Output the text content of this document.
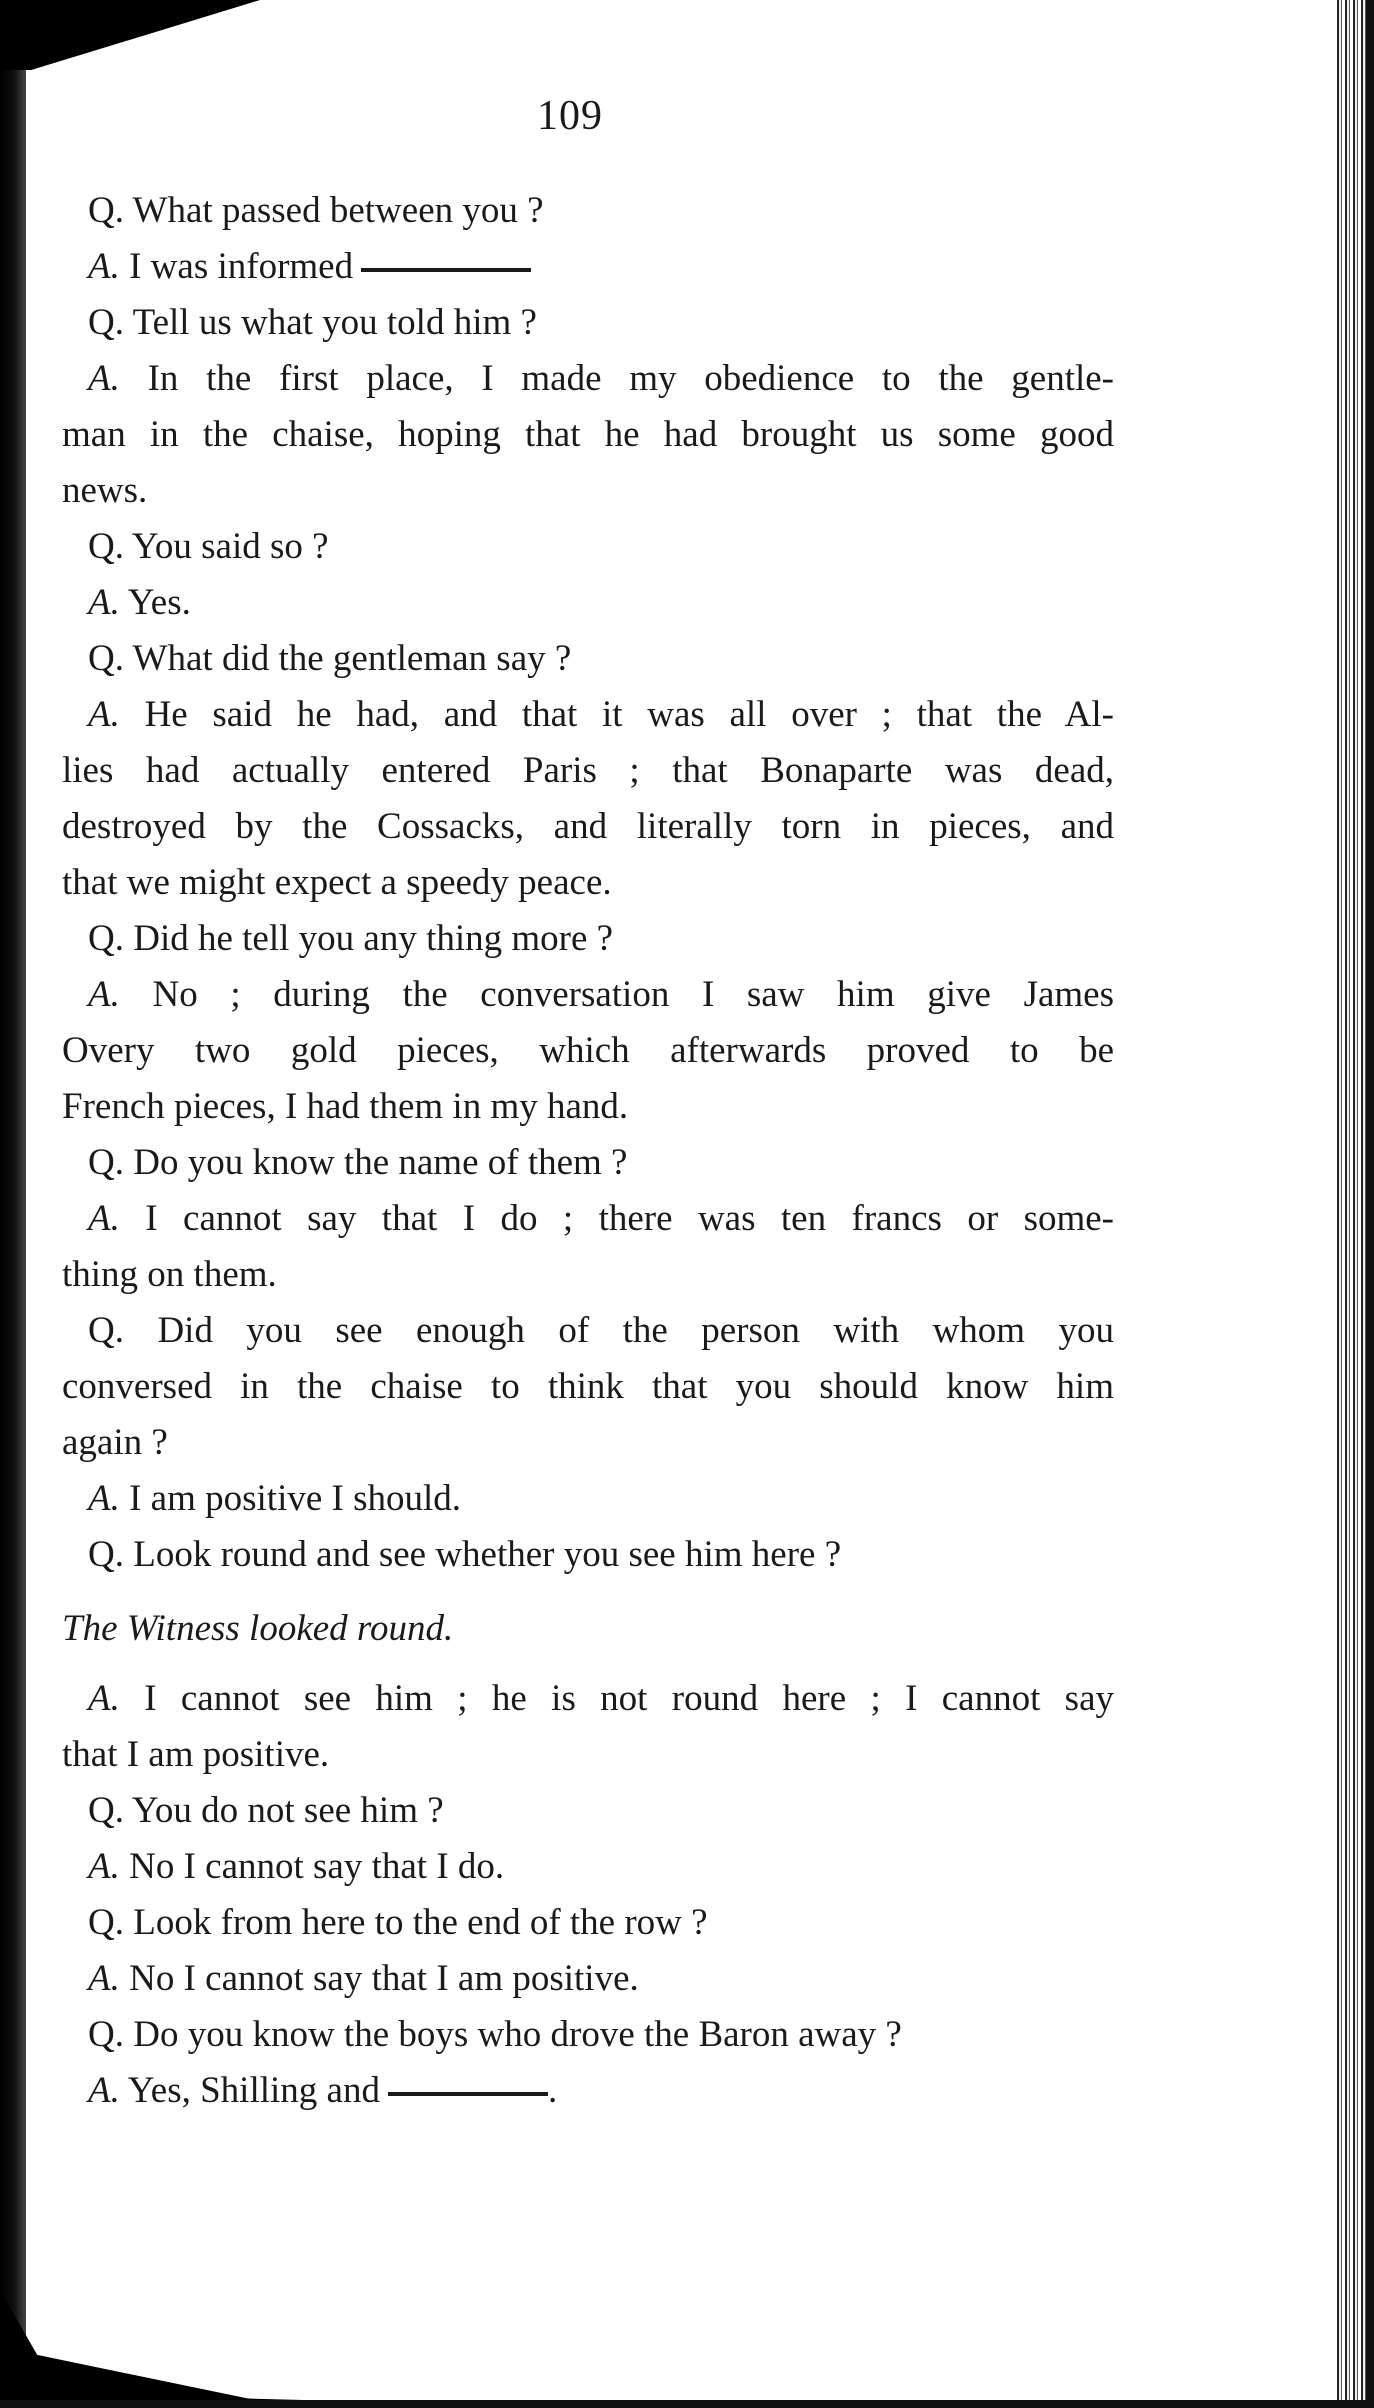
109
Q. What passed between you ?
A. I was informed
Q. Tell us what you told him ?
A. In the first place, I made my obedience to the gentle-
man in the chaise, hoping that he had brought us some good
news.
Q. You said so ?
A. Yes.
Q. What did the gentleman say ?
A. He said he had, and that it was all over ; that the Al-
lies had actually entered Paris ; that Bonaparte was dead,
destroyed by the Cossacks, and literally torn in pieces, and
that we might expect a speedy peace.
Q. Did he tell you any thing more ?
A. No ; during the conversation I saw him give James
Overy two gold pieces, which afterwards proved to be
French pieces, I had them in my hand.
Q. Do you know the name of them ?
A. I cannot say that I do ; there was ten francs or some-
thing on them.
Q. Did you see enough of the person with whom you
conversed in the chaise to think that you should know him
again ?
A. I am positive I should.
Q. Look round and see whether you see him here ?
The Witness looked round.
A. I cannot see him ; he is not round here ; I cannot say
that I am positive.
Q. You do not see him ?
A. No I cannot say that I do.
Q. Look from here to the end of the row ?
A. No I cannot say that I am positive.
Q. Do you know the boys who drove the Baron away ?
A. Yes, Shilling and	.
